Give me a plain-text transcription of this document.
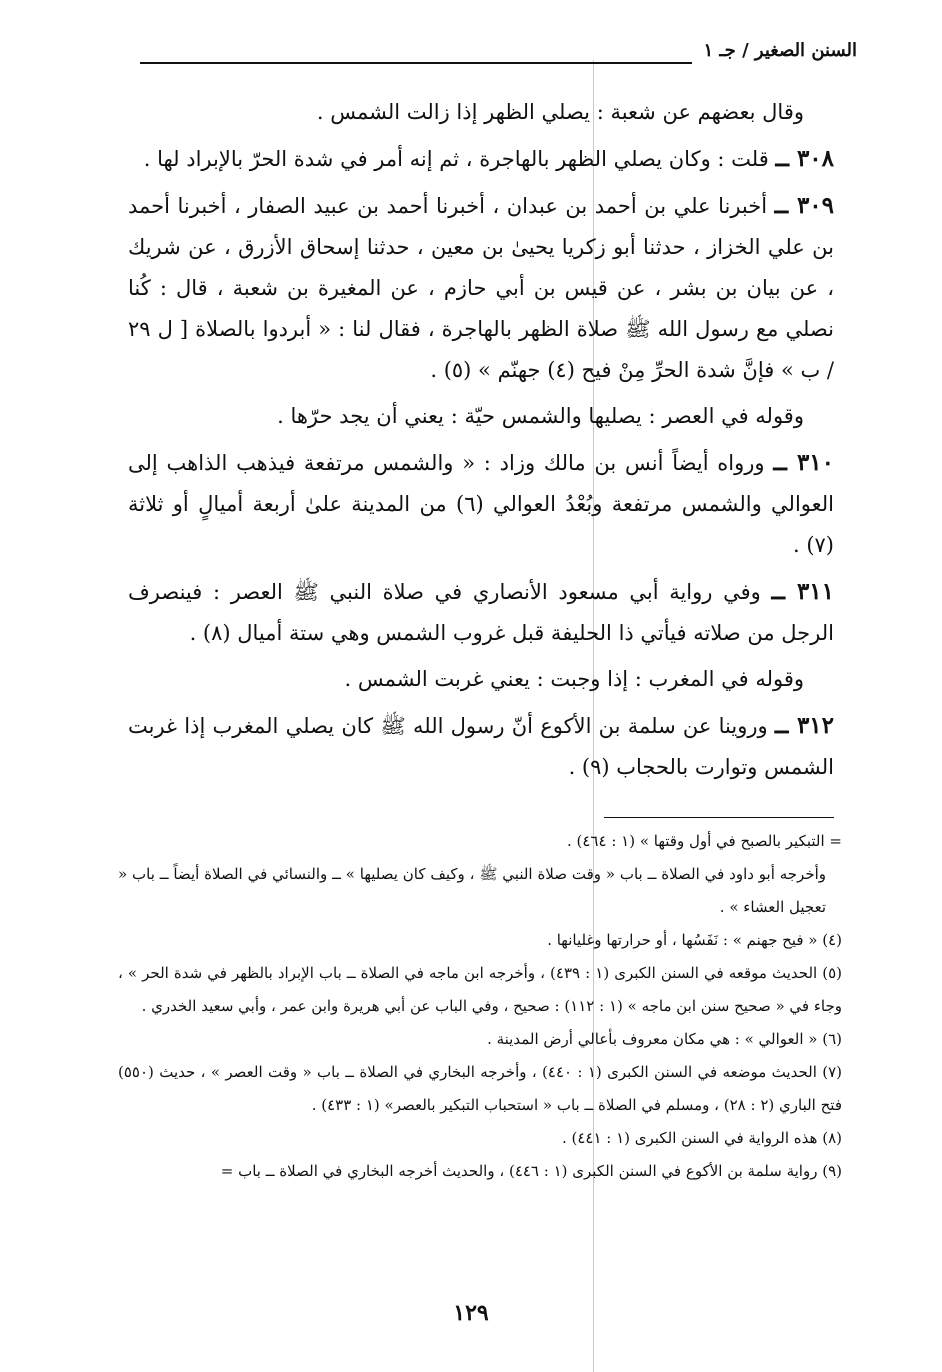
السنن الصغير / جـ ١

وقال بعضهم عن شعبة : يصلي الظهر إذا زالت الشمس .

٣٠٨ ــ قلت : وكان يصلي الظهر بالهاجرة ، ثم إنه أمر في شدة الحرّ بالإبراد لها .

٣٠٩ ــ أخبرنا علي بن أحمد بن عبدان ، أخبرنا أحمد بن عبيد الصفار ، أخبرنا أحمد بن علي الخزاز ، حدثنا أبو زكريا يحيىٰ بن معين ، حدثنا إسحاق الأزرق ، عن شريك ، عن بيان بن بشر ، عن قيس بن أبي حازم ، عن المغيرة بن شعبة ، قال : كُنا نصلي مع رسول الله ﷺ صلاة الظهر بالهاجرة ، فقال لنا : « أبردوا بالصلاة [ ل ٢٩ / ب » فإنَّ شدة الحرِّ مِنْ فيح (٤) جهنّم » (٥) .

وقوله في العصر : يصليها والشمس حيّة : يعني أن يجد حرّها .

٣١٠ ــ ورواه أيضاً أنس بن مالك وزاد : « والشمس مرتفعة فيذهب الذاهب إلى العوالي والشمس مرتفعة وبُعْدُ العوالي (٦) من المدينة علىٰ أربعة أميالٍ أو ثلاثة (٧) .

٣١١ ــ وفي رواية أبي مسعود الأنصاري في صلاة النبي ﷺ العصر : فينصرف الرجل من صلاته فيأتي ذا الحليفة قبل غروب الشمس وهي ستة أميال (٨) .

وقوله في المغرب : إذا وجبت : يعني غربت الشمس .

٣١٢ ــ وروينا عن سلمة بن الأكوع أنّ رسول الله ﷺ كان يصلي المغرب إذا غربت الشمس وتوارت بالحجاب (٩) .

= التبكير بالصبح في أول وقتها » (١ : ٤٦٤) .

وأخرجه أبو داود في الصلاة ــ باب « وقت صلاة النبي ﷺ ، وكيف كان يصليها » ــ والنسائي في الصلاة أيضاً ــ باب « تعجيل العشاء » .

(٤) « فيح جهنم » : نَفَسُها ، أو حرارتها وغليانها .

(٥) الحديث موقعه في السنن الكبرى (١ : ٤٣٩) ، وأخرجه ابن ماجه في الصلاة ــ باب الإبراد بالظهر في شدة الحر » ، وجاء في « صحيح سنن ابن ماجه » (١ : ١١٢) : صحيح ، وفي الباب عن أبي هريرة وابن عمر ، وأبي سعيد الخدري .

(٦) « العوالي » : هي مكان معروف بأعالي أرض المدينة .

(٧) الحديث موضعه في السنن الكبرى (١ : ٤٤٠) ، وأخرجه البخاري في الصلاة ــ باب « وقت العصر » ، حديث (٥٥٠) فتح الباري (٢ : ٢٨) ، ومسلم في الصلاة ــ باب « استحباب التبكير بالعصر» (١ : ٤٣٣) .

(٨) هذه الرواية في السنن الكبرى (١ : ٤٤١) .

(٩) رواية سلمة بن الأكوع في السنن الكبرى (١ : ٤٤٦) ، والحديث أخرجه البخاري في الصلاة ــ باب =

١٢٩
